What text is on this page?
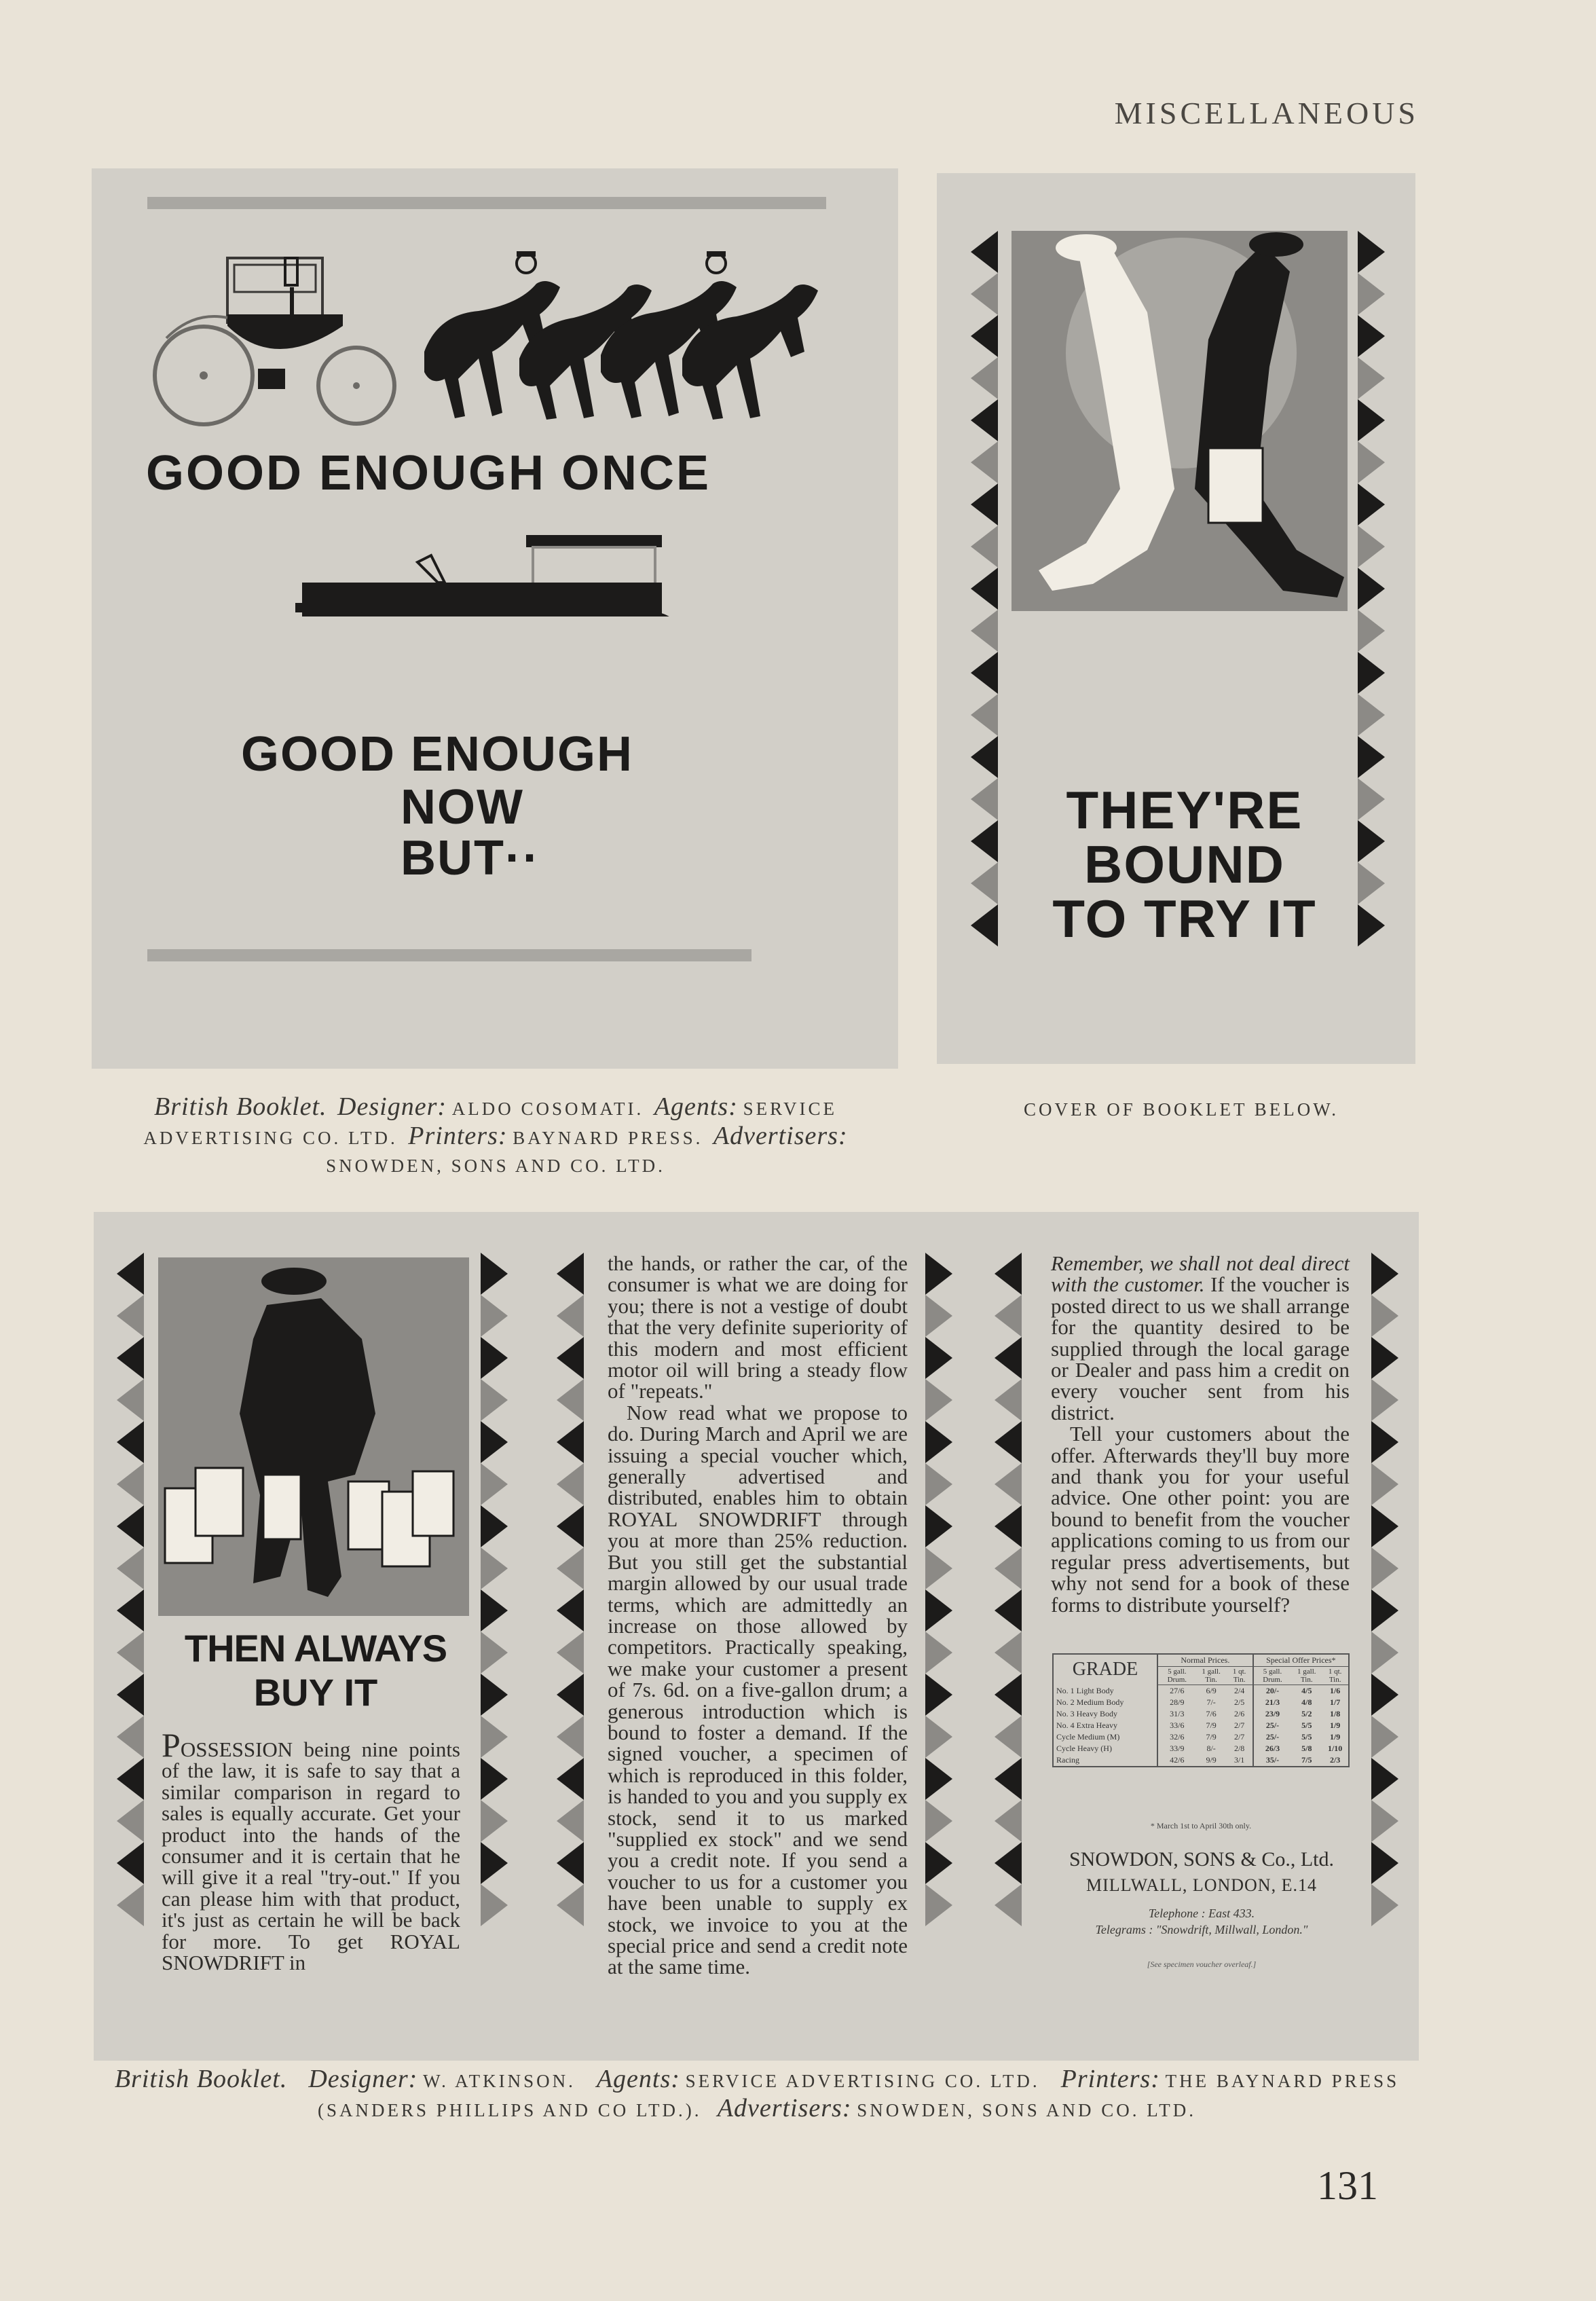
MISCELLANEOUS
GOOD ENOUGH ONCE
GOOD ENOUGH
NOW
BUT··
THEY'RE
BOUND
TO TRY IT
British Booklet. Designer: ALDO COSOMATI. Agents: SERVICE ADVERTISING CO. LTD. Printers: BAYNARD PRESS. Advertisers: SNOWDEN, SONS AND CO. LTD.
COVER OF BOOKLET BELOW.
THEN ALWAYS
BUY IT
POSSESSION being nine points of the law, it is safe to say that a similar comparison in regard to sales is equally accurate. Get your product into the hands of the consumer and it is certain that he will give it a real "try-out." If you can please him with that product, it's just as certain he will be back for more. To get ROYAL SNOWDRIFT in

the hands, or rather the car, of the consumer is what we are doing for you; there is not a vestige of doubt that the very definite superiority of this modern and most efficient motor oil will bring a steady flow of "repeats."

Now read what we propose to do. During March and April we are issuing a special voucher which, generally advertised and distributed, enables him to obtain ROYAL SNOWDRIFT through you at more than 25% reduction. But you still get the substantial margin allowed by our usual trade terms, which are admittedly an increase on those allowed by competitors. Practically speaking, we make your customer a present of 7s. 6d. on a five-gallon drum; a generous introduction which is bound to foster a demand. If the signed voucher, a specimen of which is reproduced in this folder, is handed to you and you supply ex stock, send it to us marked "supplied ex stock" and we send you a credit note. If you send a voucher to us for a customer you have been unable to supply ex stock, we invoice to you at the special price and send a credit note at the same time.

Remember, we shall not deal direct with the customer. If the voucher is posted direct to us we shall arrange for the quantity desired to be supplied through the local garage or Dealer and pass him a credit on every voucher sent from his district.

Tell your customers about the offer. Afterwards they'll buy more and thank you for your useful advice. One other point: you are bound to benefit from the voucher applications coming to us from our regular press advertisements, but why not send for a book of these forms to distribute yourself?

GRADE	Normal Prices.			Special Offer Prices*		
	5 gall. Drum.	1 gall. Tin.	1 qt. Tin.	5 gall. Drum.	1 gall. Tin.	1 qt. Tin.
No. 1 Light Body	27/6	6/9	2/4	20/-	4/5	1/6
No. 2 Medium Body	28/9	7/-	2/5	21/3	4/8	1/7
No. 3 Heavy Body	31/3	7/6	2/6	23/9	5/2	1/8
No. 4 Extra Heavy	33/6	7/9	2/7	25/-	5/5	1/9
Cycle Medium (M)	32/6	7/9	2/7	25/-	5/5	1/9
Cycle Heavy (H)	33/9	8/-	2/8	26/3	5/8	1/10
Racing	42/6	9/9	3/1	35/-	7/5	2/3
* March 1st to April 30th only.
SNOWDON, SONS & Co., Ltd.
MILLWALL, LONDON, E.14
Telephone : East 433.
Telegrams : "Snowdrift, Millwall, London."
[See specimen voucher overleaf.]
British Booklet. Designer: W. ATKINSON. Agents: SERVICE ADVERTISING CO. LTD. Printers: THE BAYNARD PRESS (SANDERS PHILLIPS AND CO LTD.). Advertisers: SNOWDEN, SONS AND CO. LTD.
131
